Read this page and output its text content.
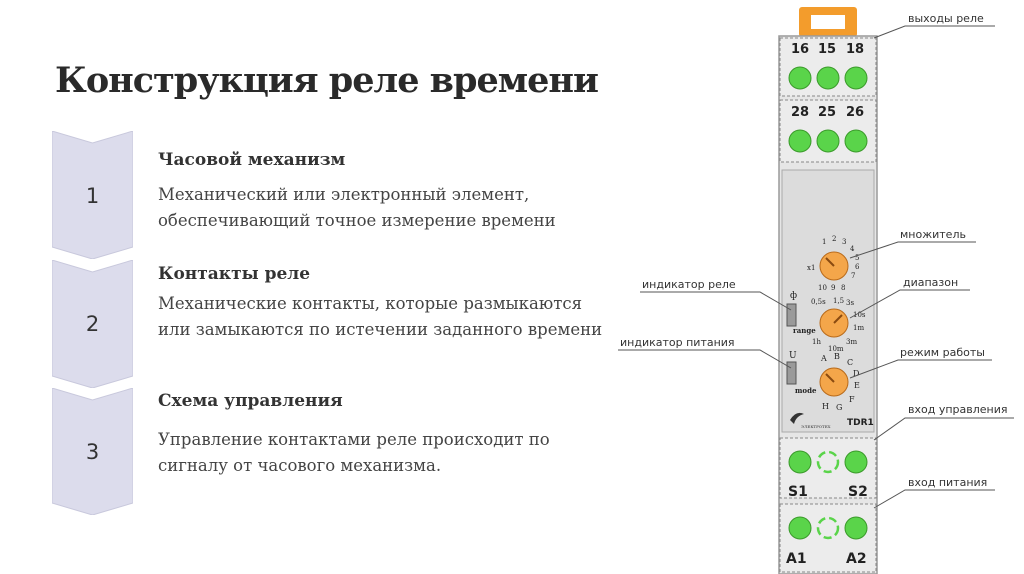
Конструкция реле времени
1
Часовой механизм
Механический или электронный элемент, обеспечивающий точное измерение времени
2
Контакты реле
Механические контакты, которые размыкаются или замыкаются по истечении заданного времени
3
Схема управления
Управление контактами реле происходит по сигналу от часового механизма.
16 15 18
28 25 26
1 2 3
4
5
6
7
8
9
10
x1
0,5s 1,5 3s
10s
1m
3m
10m
1h
ф
range
U
mode
A B
C
D
E
F
G
H
ЭЛЕКТРОТЕХ TDR1
S1	S2
A1	A2
выходы реле
множитель
индикатор реле	диапазон
индикатор питания
режим работы
вход управления
вход питания
